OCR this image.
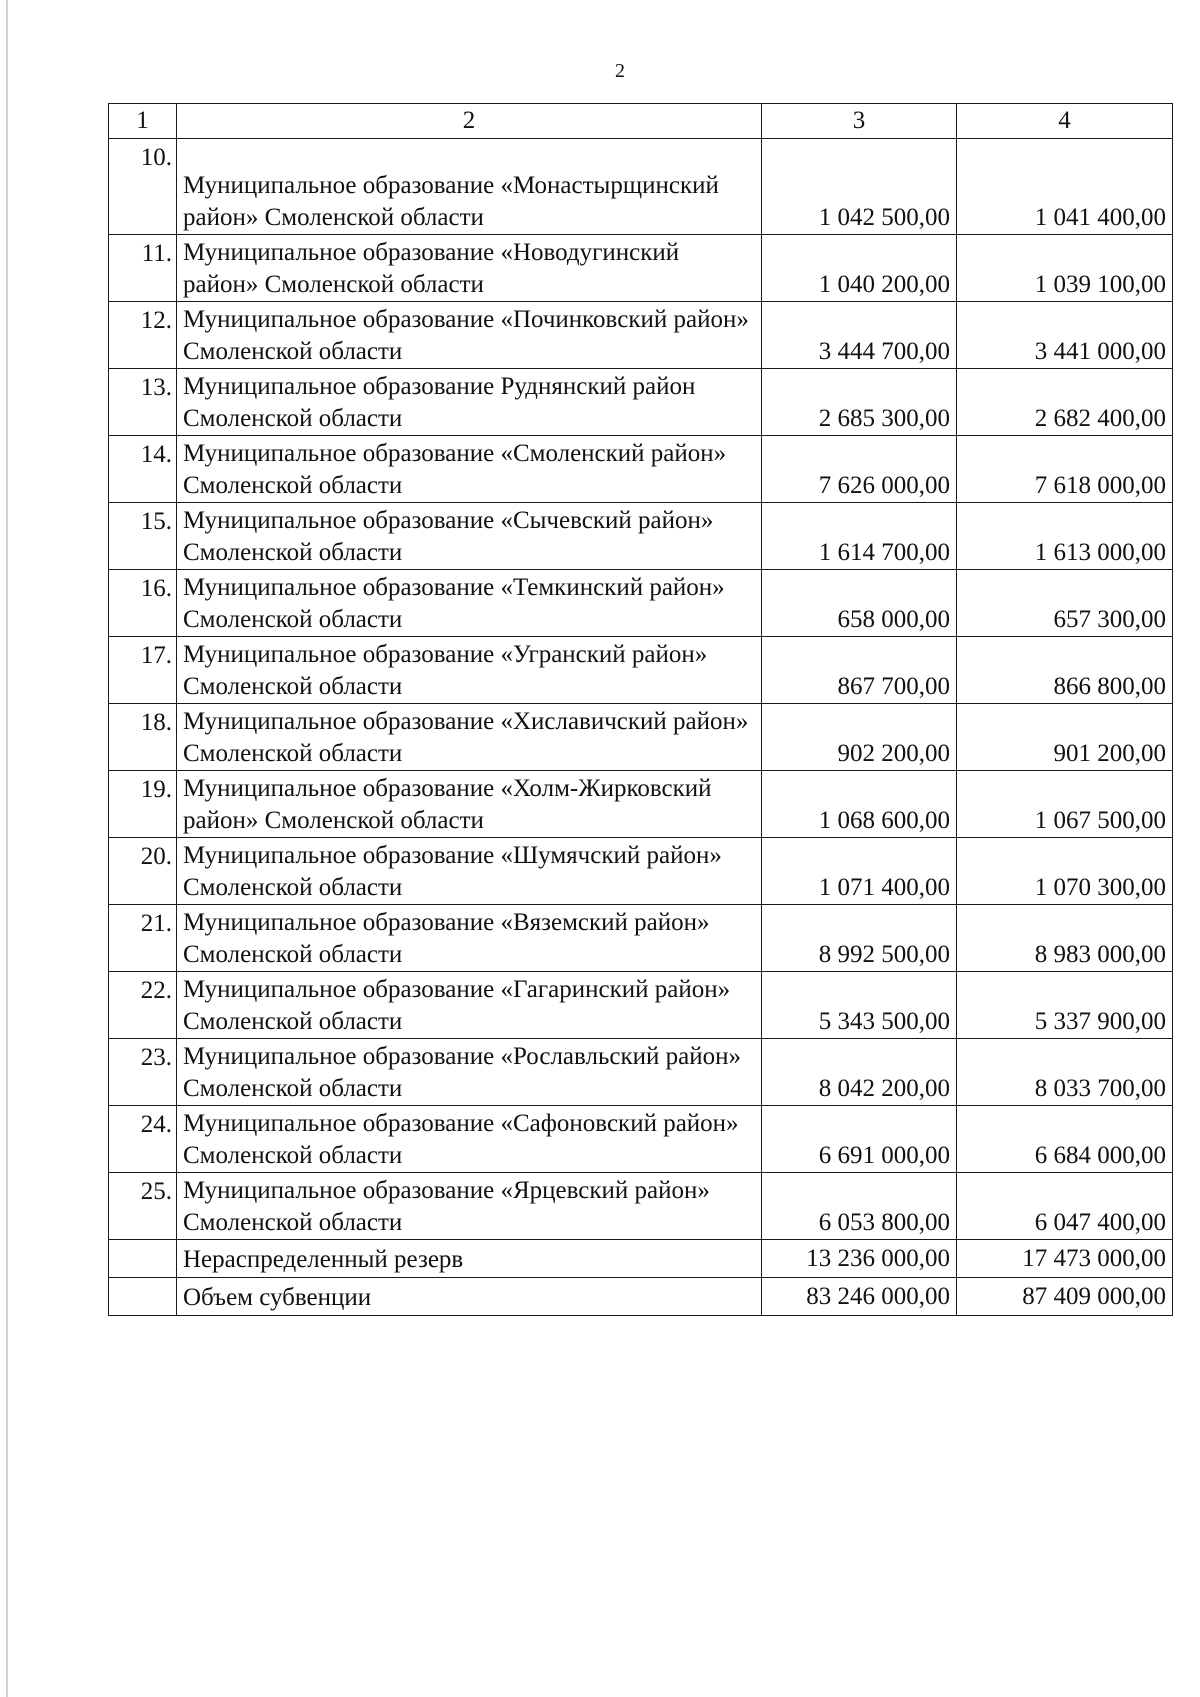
2
1	2	3	4
10.	Муниципальное образование «Монастырщинский район» Смоленской области	1 042 500,00	1 041 400,00
11.	Муниципальное образование «Новодугинский район» Смоленской области	1 040 200,00	1 039 100,00
12.	Муниципальное образование «Починковский район» Смоленской области	3 444 700,00	3 441 000,00
13.	Муниципальное образование Руднянский район Смоленской области	2 685 300,00	2 682 400,00
14.	Муниципальное образование «Смоленский район» Смоленской области	7 626 000,00	7 618 000,00
15.	Муниципальное образование «Сычевский район» Смоленской области	1 614 700,00	1 613 000,00
16.	Муниципальное образование «Темкинский район» Смоленской области	658 000,00	657 300,00
17.	Муниципальное образование «Угранский район» Смоленской области	867 700,00	866 800,00
18.	Муниципальное образование «Хиславичский район» Смоленской области	902 200,00	901 200,00
19.	Муниципальное образование «Холм-Жирковский район» Смоленской области	1 068 600,00	1 067 500,00
20.	Муниципальное образование «Шумячский район» Смоленской области	1 071 400,00	1 070 300,00
21.	Муниципальное образование «Вяземский район» Смоленской области	8 992 500,00	8 983 000,00
22.	Муниципальное образование «Гагаринский район» Смоленской области	5 343 500,00	5 337 900,00
23.	Муниципальное образование «Рославльский район» Смоленской области	8 042 200,00	8 033 700,00
24.	Муниципальное образование «Сафоновский район» Смоленской области	6 691 000,00	6 684 000,00
25.	Муниципальное образование «Ярцевский район» Смоленской области	6 053 800,00	6 047 400,00
	Нераспределенный резерв	13 236 000,00	17 473 000,00
	Объем субвенции	83 246 000,00	87 409 000,00
